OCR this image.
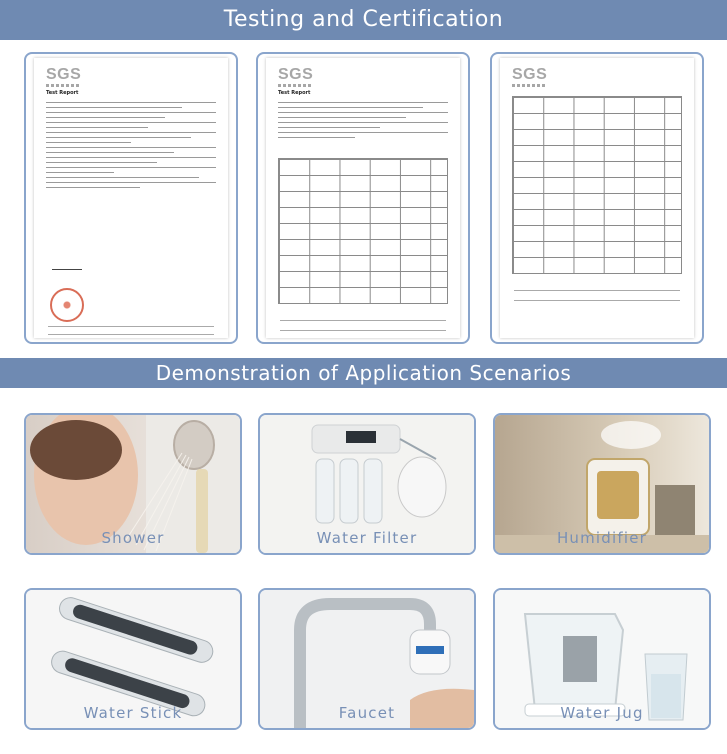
Testing and Certification
SGS
Test Report
SGS
Test Report
SGS
Demonstration of Application Scenarios
Shower	Water Filter	Humidifier
Water Stick	Faucet	Water Jug
